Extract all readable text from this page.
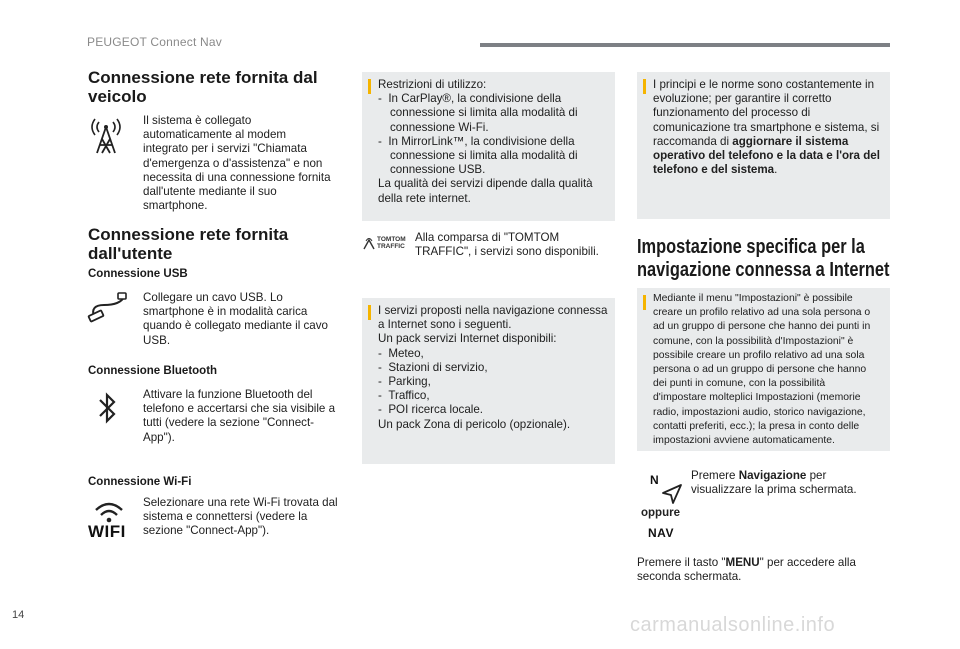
PEUGEOT Connect Nav
Connessione rete fornita dal veicolo
Il sistema è collegato automaticamente al modem integrato per i servizi "Chiamata d'emergenza o d'assistenza" e non necessita di una connessione fornita dall'utente mediante il suo smartphone.
Connessione rete fornita dall'utente
Connessione USB
Collegare un cavo USB. Lo smartphone è in modalità carica quando è collegato mediante il cavo USB.
Connessione Bluetooth
Attivare la funzione Bluetooth del telefono e accertarsi che sia visibile a tutti (vedere la sezione "Connect-App").
Connessione Wi-Fi
WIFI
Selezionare una rete Wi-Fi trovata dal sistema e connettersi (vedere la sezione "Connect-App").
Restrizioni di utilizzo:
-  In CarPlay®, la condivisione della connessione si limita alla modalità di connessione Wi-Fi.
-  In MirrorLink™, la condivisione della connessione si limita alla modalità di connessione USB.
La qualità dei servizi dipende dalla qualità della rete internet.
TOMTOM
TRAFFIC
Alla comparsa di "TOMTOM TRAFFIC", i servizi sono disponibili.
I servizi proposti nella navigazione connessa a Internet sono i seguenti.
Un pack servizi Internet disponibili:
-  Meteo,
-  Stazioni di servizio,
-  Parking,
-  Traffico,
-  POI ricerca locale.
Un pack Zona di pericolo (opzionale).
I principi e le norme sono costantemente in evoluzione; per garantire il corretto funzionamento del processo di comunicazione tra smartphone e sistema, si raccomanda di aggiornare il sistema operativo del telefono e la data e l'ora del telefono e del sistema.
Impostazione specifica per la
navigazione connessa a Internet
Mediante il menu "Impostazioni" è possibile creare un profilo relativo ad una sola persona o ad un gruppo di persone che hanno dei punti in comune, con la possibilità d'Impostazioni" è possibile creare un profilo relativo ad una sola persona o ad un gruppo di persone che hanno dei punti in comune, con la possibilità d'impostare molteplici Impostazioni (memorie radio, impostazioni audio, storico navigazione, contatti preferiti, ecc.); la presa in conto delle impostazioni avviene automaticamente.
N
oppure
NAV
Premere Navigazione per visualizzare la prima schermata.
Premere il tasto "MENU" per accedere alla seconda schermata.
14	carmanualsonline.info
